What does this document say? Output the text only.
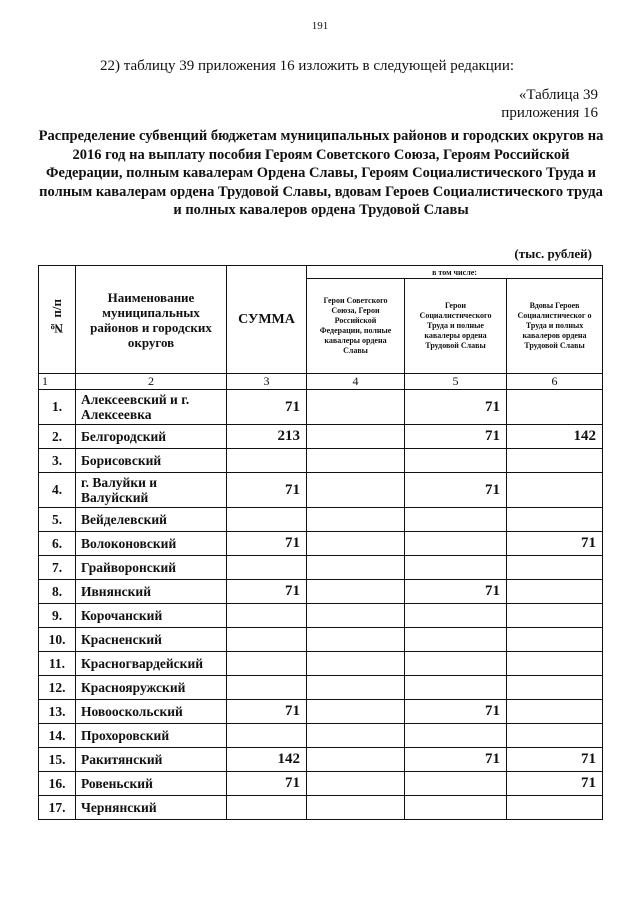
191
22) таблицу 39 приложения 16 изложить в следующей редакции:
«Таблица 39
приложения 16
Распределение субвенций бюджетам муниципальных районов и городских округов на 2016 год на выплату пособия Героям Советского Союза, Героям Российской Федерации, полным кавалерам Ордена Славы, Героям Социалистического Труда и полным кавалерам ордена Трудовой Славы, вдовам Героев Социалистического труда и полных кавалеров ордена Трудовой Славы
(тыс. рублей)
№ п/п	Наименование муниципальных районов и городских округов	СУММА	в том числе:		
			Герои Советского Союза, Герои Российской Федерации, полные кавалеры ордена Славы	Герои Социалистического Труда и полные кавалеры ордена Трудовой Славы	Вдовы Героев Социалистическог о Труда и полных кавалеров ордена Трудовой Славы
1	2	3	4	5	6
1.	Алексеевский и г. Алексеевка	71		71	
2.	Белгородский	213		71	142
3.	Борисовский				
4.	г. Валуйки и Валуйский	71		71	
5.	Вейделевский				
6.	Волоконовский	71			71
7.	Грайворонский				
8.	Ивнянский	71		71	
9.	Корочанский				
10.	Красненский				
11.	Красногвардейский				
12.	Краснояружский				
13.	Новооскольский	71		71	
14.	Прохоровский				
15.	Ракитянский	142		71	71
16.	Ровеньский	71			71
17.	Чернянский				
